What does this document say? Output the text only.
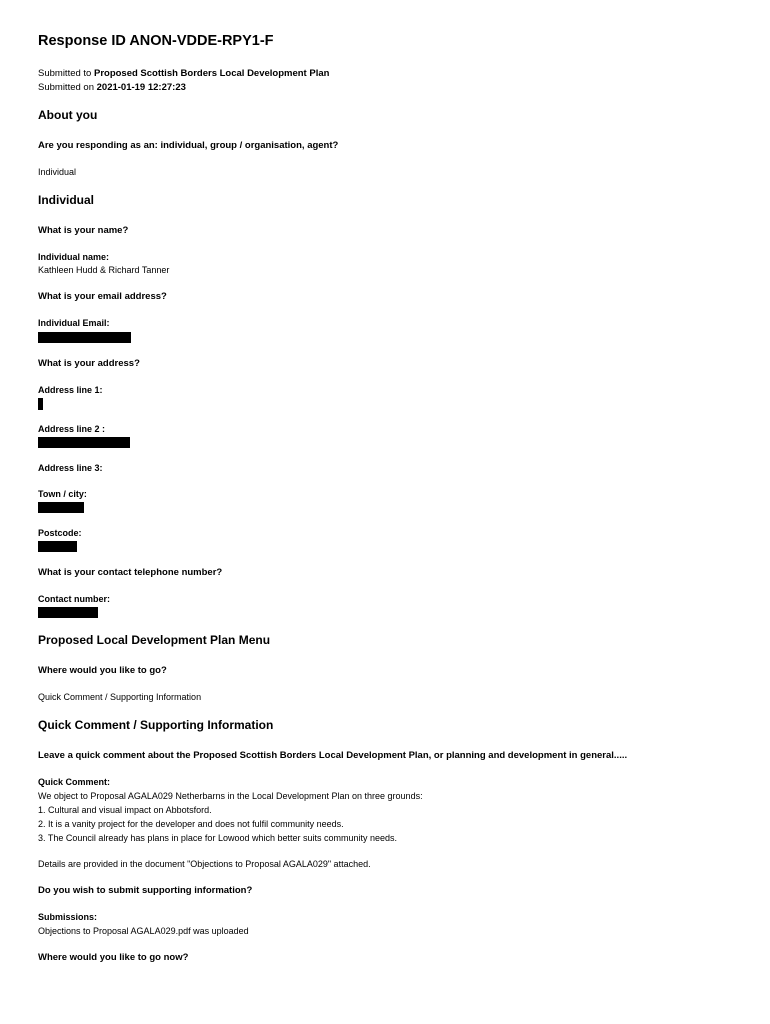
Response ID ANON-VDDE-RPY1-F
Submitted to Proposed Scottish Borders Local Development Plan
Submitted on 2021-01-19 12:27:23
About you
Are you responding as an: individual, group / organisation, agent?
Individual
Individual
What is your name?
Individual name:
Kathleen Hudd & Richard Tanner
What is your email address?
Individual Email:
What is your address?
Address line 1:
Address line 2 :
Address line 3:
Town / city:
Postcode:
What is your contact telephone number?
Contact number:
Proposed Local Development Plan Menu
Where would you like to go?
Quick Comment / Supporting Information
Quick Comment / Supporting Information
Leave a quick comment about the Proposed Scottish Borders Local Development Plan, or planning and development in general.....
Quick Comment:
We object to Proposal AGALA029 Netherbarns in the Local Development Plan on three grounds:
1. Cultural and visual impact on Abbotsford.
2. It is a vanity project for the developer and does not fulfil community needs.
3. The Council already has plans in place for Lowood which better suits community needs.
Details are provided in the document "Objections to Proposal AGALA029" attached.
Do you wish to submit supporting information?
Submissions:
Objections to Proposal AGALA029.pdf was uploaded
Where would you like to go now?
